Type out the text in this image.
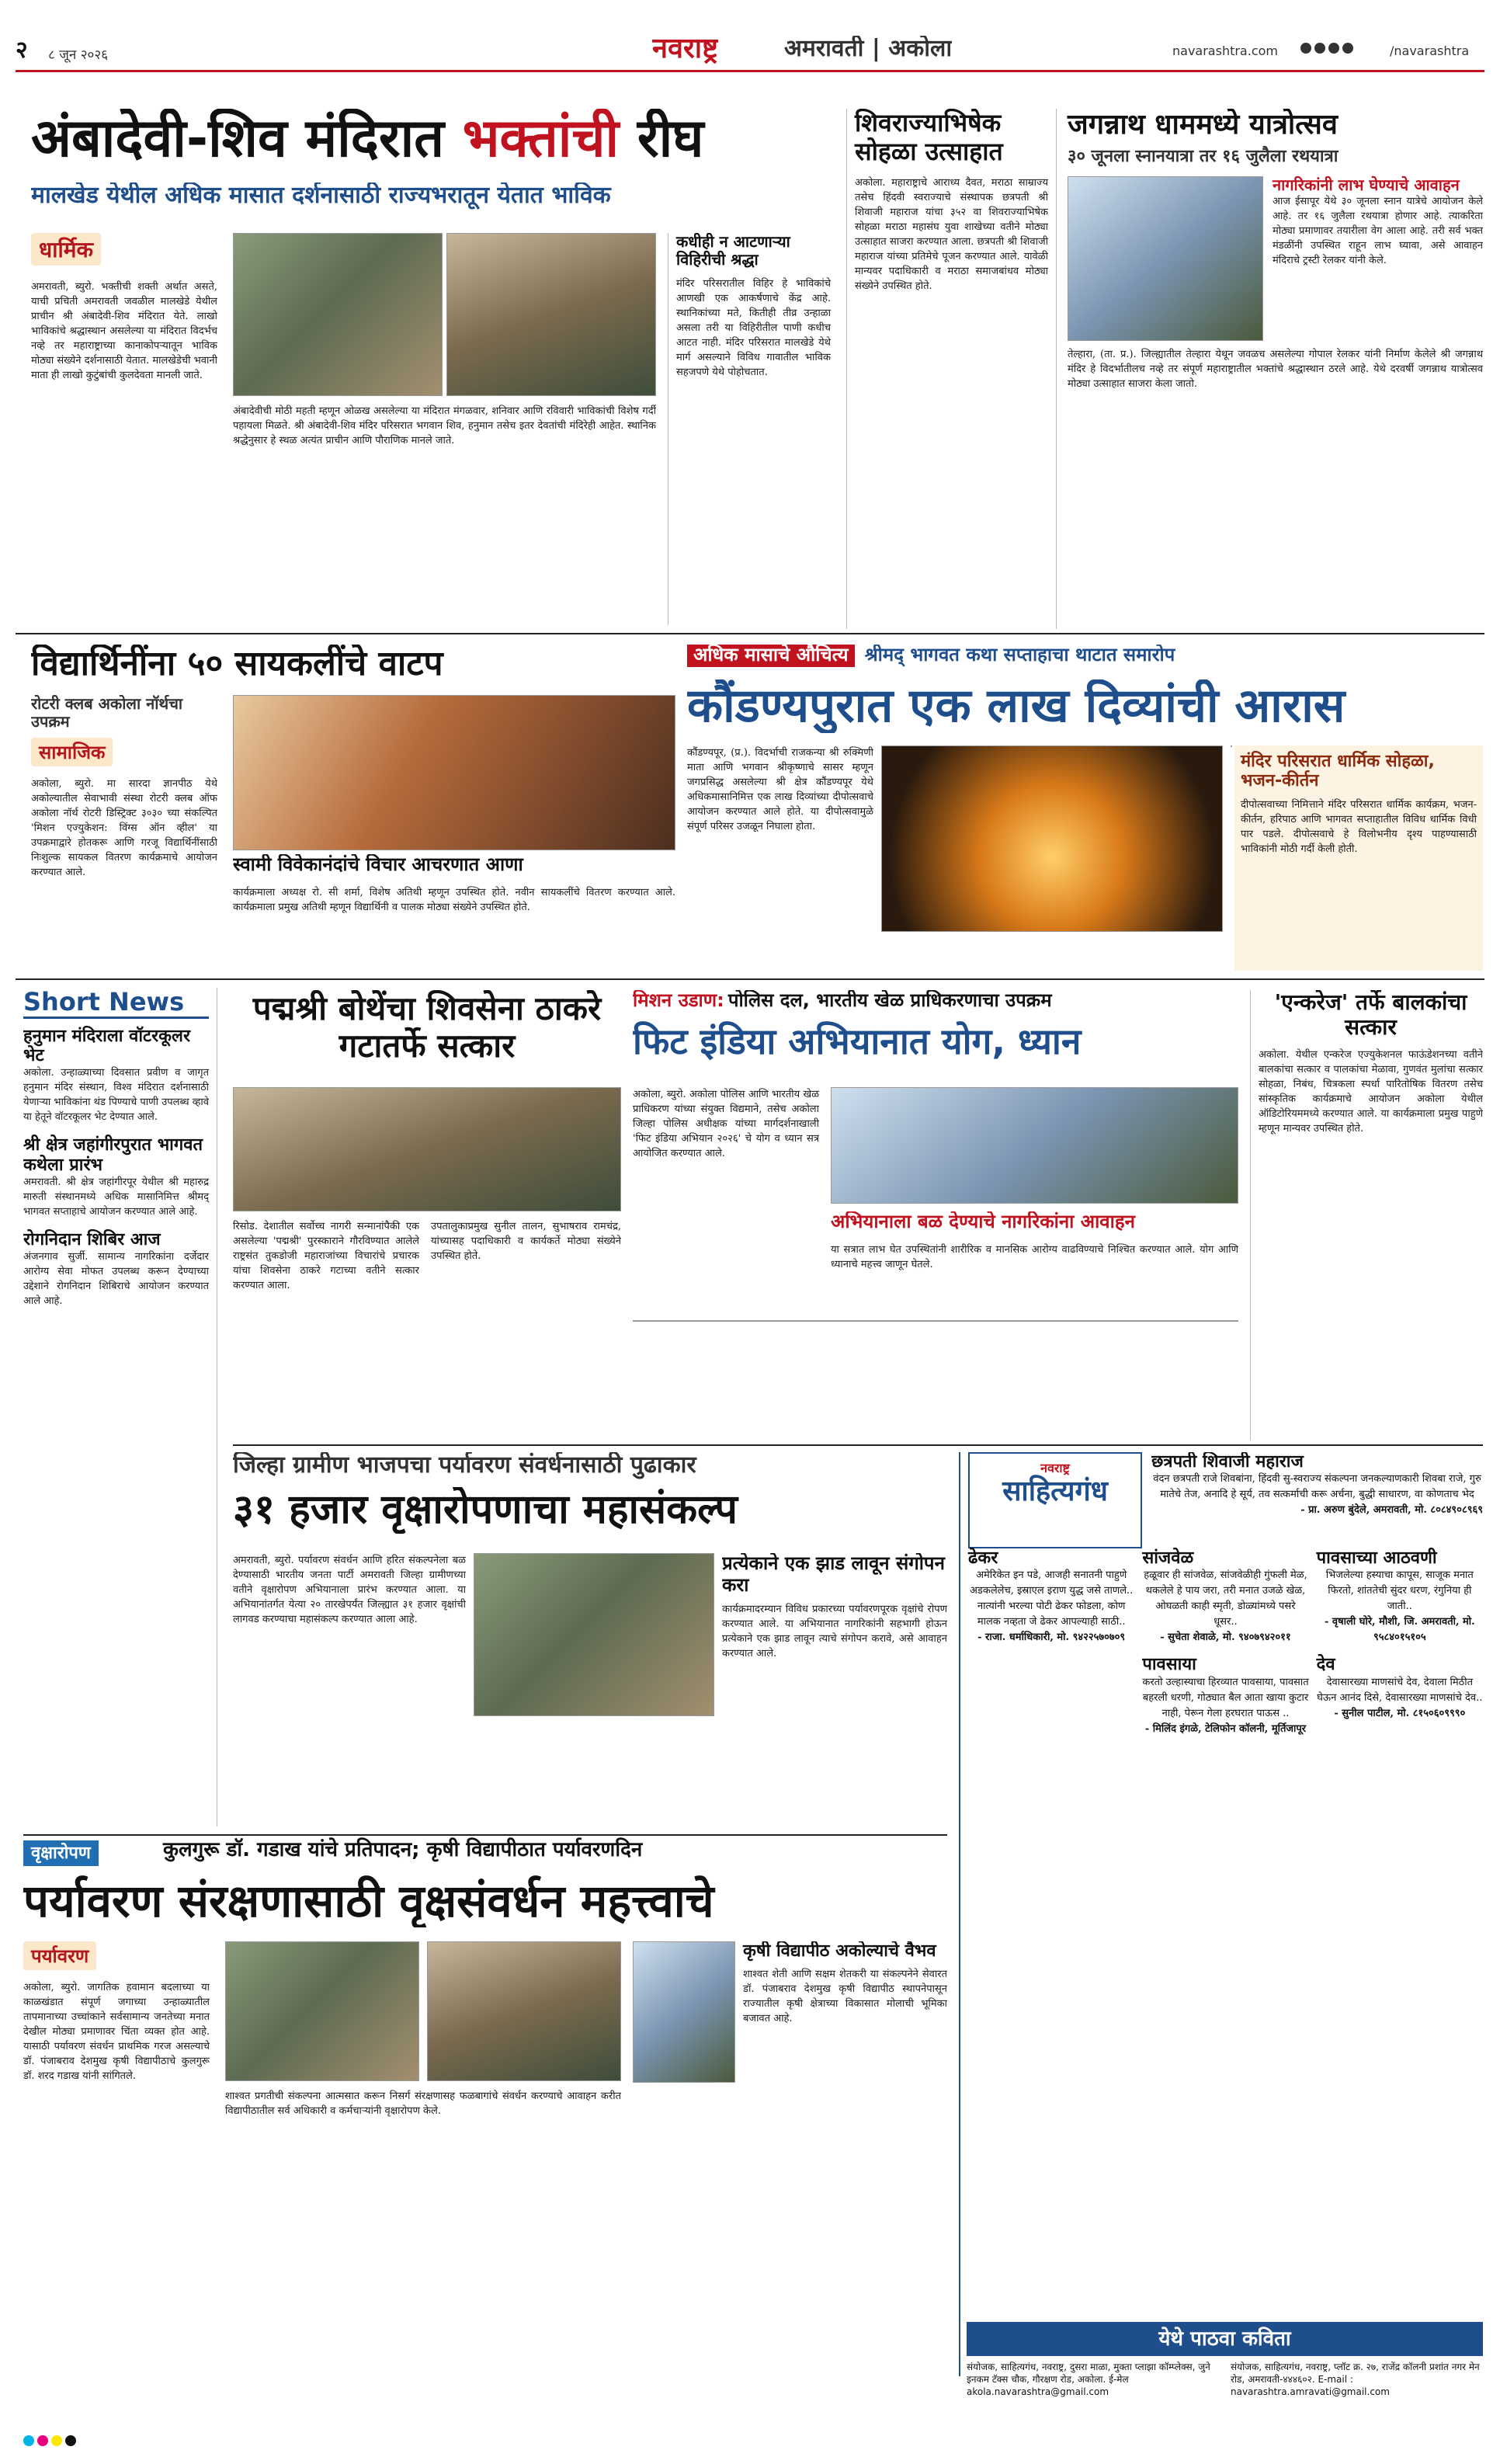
२ ८ जून २०२६	नवराष्ट्र	अमरावती | अकोला	navarashtra.com	/navarashtra
अंबादेवी-शिव मंदिरात भक्तांची रीघ
मालखेड येथील अधिक मासात दर्शनासाठी राज्यभरातून येतात भाविक
धार्मिक
अमरावती, ब्युरो. भक्तीची शक्ती अर्थात असते, याची प्रचिती अमरावती जवळील मालखेडे येथील प्राचीन श्री अंबादेवी-शिव मंदिरात येते. लाखो भाविकांचे श्रद्धास्थान असलेल्या या मंदिरात विदर्भच नव्हे तर महाराष्ट्राच्या कानाकोपऱ्यातून भाविक मोठ्या संख्येने दर्शनासाठी येतात. मालखेडेची भवानी माता ही लाखो कुटुंबांची कुलदेवता मानली जाते.
अंबादेवीची मोठी महती म्हणून ओळख असलेल्या या मंदिरात मंगळवार, शनिवार आणि रविवारी भाविकांची विशेष गर्दी पहायला मिळते. श्री अंबादेवी-शिव मंदिर परिसरात भगवान शिव, हनुमान तसेच इतर देवतांची मंदिरेही आहेत. स्थानिक श्रद्धेनुसार हे स्थळ अत्यंत प्राचीन आणि पौराणिक मानले जाते.
कधीही न आटणाऱ्या विहिरीची श्रद्धा
मंदिर परिसरातील विहिर हे भाविकांचे आणखी एक आकर्षणाचे केंद्र आहे. स्थानिकांच्या मते, कितीही तीव्र उन्हाळा असला तरी या विहिरीतील पाणी कधीच आटत नाही. मंदिर परिसरात मालखेडे येथे मार्ग असल्याने विविध गावातील भाविक सहजपणे येथे पोहोचतात.
शिवराज्याभिषेक सोहळा उत्साहात
अकोला. महाराष्ट्राचे आराध्य दैवत, मराठा साम्राज्य तसेच हिंदवी स्वराज्याचे संस्थापक छत्रपती श्री शिवाजी महाराज यांचा ३५२ वा शिवराज्याभिषेक सोहळा मराठा महासंघ युवा शाखेच्या वतीने मोठ्या उत्साहात साजरा करण्यात आला. छत्रपती श्री शिवाजी महाराज यांच्या प्रतिमेचे पूजन करण्यात आले. यावेळी मान्यवर पदाधिकारी व मराठा समाजबांधव मोठ्या संख्येने उपस्थित होते.
जगन्नाथ धाममध्ये यात्रोत्सव
३० जूनला स्नानयात्रा तर १६ जुलैला रथयात्रा
नागरिकांनी लाभ घेण्याचे आवाहन
आज ईसापूर येथे ३० जूनला स्नान यात्रेचे आयोजन केले आहे. तर १६ जुलैला रथयात्रा होणार आहे. त्याकरिता मोठ्या प्रमाणावर तयारीला वेग आला आहे. तरी सर्व भक्त मंडळींनी उपस्थित राहून लाभ घ्यावा, असे आवाहन मंदिराचे ट्रस्टी रेलकर यांनी केले.
तेल्हारा, (ता. प्र.). जिल्ह्यातील तेल्हारा येथून जवळच असलेल्या गोपाल रेलकर यांनी निर्माण केलेले श्री जगन्नाथ मंदिर हे विदर्भातीलच नव्हे तर संपूर्ण महाराष्ट्रातील भक्तांचे श्रद्धास्थान ठरले आहे. येथे दरवर्षी जगन्नाथ यात्रोत्सव मोठ्या उत्साहात साजरा केला जातो.
विद्यार्थिनींना ५० सायकलींचे वाटप
रोटरी क्लब अकोला नॉर्थचा उपक्रम
सामाजिक
अकोला, ब्युरो. मा सारदा ज्ञानपीठ येथे अकोल्यातील सेवाभावी संस्था रोटरी क्लब ऑफ अकोला नॉर्थ रोटरी डिस्ट्रिक्ट ३०३० च्या संकल्पित 'मिशन एज्युकेशन: विंग्स ऑन व्हील' या उपक्रमाद्वारे होतकरू आणि गरजू विद्यार्थिनींसाठी निःशुल्क सायकल वितरण कार्यक्रमाचे आयोजन करण्यात आले.	स्वामी विवेकानंदांचे विचार आचरणात आणा
कार्यक्रमाला अध्यक्ष रो. सी शर्मा, विशेष अतिथी म्हणून उपस्थित होते. नवीन सायकलींचे वितरण करण्यात आले. कार्यक्रमाला प्रमुख अतिथी म्हणून विद्यार्थिनी व पालक मोठ्या संख्येने उपस्थित होते.
अधिक मासाचे औचित्य श्रीमद् भागवत कथा सप्ताहाचा थाटात समारोप
कौंडण्यपुरात एक लाख दिव्यांची आरास
कौंडण्यपूर, (प्र.). विदर्भाची राजकन्या श्री रुक्मिणी माता आणि भगवान श्रीकृष्णाचे सासर म्हणून जगप्रसिद्ध असलेल्या श्री क्षेत्र कौंडण्यपूर येथे अधिकमासानिमित्त एक लाख दिव्यांच्या दीपोत्सवाचे आयोजन करण्यात आले होते. या दीपोत्सवामुळे संपूर्ण परिसर उजळून निघाला होता.
मंदिर परिसरात धार्मिक सोहळा, भजन-कीर्तन
दीपोत्सवाच्या निमित्ताने मंदिर परिसरात धार्मिक कार्यक्रम, भजन-कीर्तन, हरिपाठ आणि भागवत सप्ताहातील विविध धार्मिक विधी पार पडले. दीपोत्सवाचे हे विलोभनीय दृश्य पाहण्यासाठी भाविकांनी मोठी गर्दी केली होती.
Short News
हनुमान मंदिराला वॉटरकूलर भेट
अकोला. उन्हाळ्याच्या दिवसात प्रवीण व जागृत हनुमान मंदिर संस्थान, विश्व मंदिरात दर्शनासाठी येणाऱ्या भाविकांना थंड पिण्याचे पाणी उपलब्ध व्हावे या हेतूने वॉटरकूलर भेट देण्यात आले.
श्री क्षेत्र जहांगीरपुरात भागवत कथेला प्रारंभ
अमरावती. श्री क्षेत्र जहांगीरपूर येथील श्री महारुद्र मारुती संस्थानमध्ये अधिक मासानिमित्त श्रीमद् भागवत सप्ताहाचे आयोजन करण्यात आले आहे.
रोगनिदान शिबिर आज
अंजनगाव सुर्जी. सामान्य नागरिकांना दर्जेदार आरोग्य सेवा मोफत उपलब्ध करून देण्याच्या उद्देशाने रोगनिदान शिबिराचे आयोजन करण्यात आले आहे.
पद्मश्री बोथेंचा शिवसेना ठाकरे गटातर्फे सत्कार
रिसोड. देशातील सर्वोच्च नागरी सन्मानांपैकी एक असलेल्या 'पद्मश्री' पुरस्काराने गौरविण्यात आलेले राष्ट्रसंत तुकडोजी महाराजांच्या विचारांचे प्रचारक यांचा शिवसेना ठाकरे गटाच्या वतीने सत्कार करण्यात आला.
उपतालुकाप्रमुख सुनील तालन, सुभाषराव रामचंद्र, यांच्यासह पदाधिकारी व कार्यकर्ते मोठ्या संख्येने उपस्थित होते.
मिशन उडाण: पोलिस दल, भारतीय खेळ प्राधिकरणाचा उपक्रम
फिट इंडिया अभियानात योग, ध्यान
अकोला, ब्युरो. अकोला पोलिस आणि भारतीय खेळ प्राधिकरण यांच्या संयुक्त विद्यमाने, तसेच अकोला जिल्हा पोलिस अधीक्षक यांच्या मार्गदर्शनाखाली 'फिट इंडिया अभियान २०२६' चे योग व ध्यान सत्र आयोजित करण्यात आले.
अभियानाला बळ देण्याचे नागरिकांना आवाहन
या सत्रात लाभ घेत उपस्थितांनी शारीरिक व मानसिक आरोग्य वाढविण्याचे निश्चित करण्यात आले. योग आणि ध्यानाचे महत्त्व जाणून घेतले.
'एन्करेज' तर्फे बालकांचा सत्कार
अकोला. येथील एन्करेज एज्युकेशनल फाऊंडेशनच्या वतीने बालकांचा सत्कार व पालकांचा मेळावा, गुणवंत मुलांचा सत्कार सोहळा, निबंध, चित्रकला स्पर्धा पारितोषिक वितरण तसेच सांस्कृतिक कार्यक्रमाचे आयोजन अकोला येथील ऑडिटोरियममध्ये करण्यात आले. या कार्यक्रमाला प्रमुख पाहुणे म्हणून मान्यवर उपस्थित होते.
जिल्हा ग्रामीण भाजपचा पर्यावरण संवर्धनासाठी पुढाकार
३१ हजार वृक्षारोपणाचा महासंकल्प
अमरावती, ब्युरो. पर्यावरण संवर्धन आणि हरित संकल्पनेला बळ देण्यासाठी भारतीय जनता पार्टी अमरावती जिल्हा ग्रामीणच्या वतीने वृक्षारोपण अभियानाला प्रारंभ करण्यात आला. या अभियानांतर्गत येत्या २० तारखेपर्यंत जिल्ह्यात ३१ हजार वृक्षांची लागवड करण्याचा महासंकल्प करण्यात आला आहे.
प्रत्येकाने एक झाड लावून संगोपन करा
कार्यक्रमादरम्यान विविध प्रकारच्या पर्यावरणपूरक वृक्षांचे रोपण करण्यात आले. या अभियानात नागरिकांनी सहभागी होऊन प्रत्येकाने एक झाड लावून त्याचे संगोपन करावे, असे आवाहन करण्यात आले.
नवराष्ट्र
साहित्यगंध
छत्रपती शिवाजी महाराज
वंदन छत्रपती राजे शिवबांना, हिंदवी सु-स्वराज्य संकल्पना जनकल्याणकारी शिवबा राजे, गुरु मातेचे तेज, अनादि हे सूर्य, तव सत्कर्माची करू अर्चना, बुद्धी साधारण, वा कोणताच भेद
- प्रा. अरुण बुंदेले, अमरावती, मो. ८०८४९०८९६९
ढेकर
अमेरिकेत इन पडे, आजही सनातनी पाहुणे अडकलेलेच, इस्राएल इराण युद्ध जसे ताणले.. नात्यांनी भरल्या पोटी ढेकर फोडला, कोण मालक नव्हता जे ढेकर आपल्याही साठी..
- राजा. धर्माधिकारी, मो. ९४२२५७०७०९
सांजवेळ
हळूवार ही सांजवेळ, सांजवेळीही गुंफली मेळ, थकलेले हे पाय जरा, तरी मनात उजळे खेळ, ओघळती काही स्मृती, डोळ्यांमध्ये पसरे धूसर..
- सुचेता शेवाळे, मो. ९४०७९४२०११
पावसाया
करतो उल्हास्याचा हिरव्यात पावसाया, पावसात बहरली धरणी, गोठ्यात बैल आता खाया कुटार नाही, पेरून गेला हरघरात पाऊस ..
- मिलिंद इंगळे, टेलिफोन कॉलनी, मूर्तिजापूर
पावसाच्या आठवणी
भिजलेल्या हस्याचा कापूस, साजूक मनात फिरतो, शांततेची सुंदर धरण, रंगुनिया ही जाती..
- वृषाली घोरे, मौशी, जि. अमरावती, मो. ९५८४०१५१०५
देव
देवासारख्या माणसांचे देव, देवाला मिठीत घेऊन आनंद दिसे, देवासारख्या माणसांचे देव..
- सुनील पाटील, मो. ८१५०६०९९९०
येथे पाठवा कविता
संयोजक, साहित्यगंध, नवराष्ट्र, दुसरा माळा, मुक्ता प्लाझा कॉम्प्लेक्स, जुने इनकम टॅक्स चौक, गौरक्षण रोड, अकोला. ई-मेल akola.navarashtra@gmail.com
संयोजक, साहित्यगंध, नवराष्ट्र, प्लॉट क्र. २७, राजेंद्र कॉलनी प्रशांत नगर मेन रोड, अमरावती-४४४६०२. E-mail : navarashtra.amravati@gmail.com
वृक्षारोपण	कुलगुरू डॉ. गडाख यांचे प्रतिपादन; कृषी विद्यापीठात पर्यावरणदिन
पर्यावरण संरक्षणासाठी वृक्षसंवर्धन महत्त्वाचे
पर्यावरण
अकोला, ब्युरो. जागतिक हवामान बदलाच्या या काळखंडात संपूर्ण जगाच्या उन्हाळ्यातील तापमानाच्या उच्चांकाने सर्वसामान्य जनतेच्या मनात देखील मोठ्या प्रमाणावर चिंता व्यक्त होत आहे. यासाठी पर्यावरण संवर्धन प्राथमिक गरज असल्याचे डॉ. पंजाबराव देशमुख कृषी विद्यापीठाचे कुलगुरू डॉ. शरद गडाख यांनी सांगितले.
शाश्वत प्रगतीची संकल्पना आत्मसात करून निसर्ग संरक्षणासह फळबागांचे संवर्धन करण्याचे आवाहन करीत विद्यापीठातील सर्व अधिकारी व कर्मचाऱ्यांनी वृक्षारोपण केले.
कृषी विद्यापीठ अकोल्याचे वैभव
शाश्वत शेती आणि सक्षम शेतकरी या संकल्पनेने सेवारत डॉ. पंजाबराव देशमुख कृषी विद्यापीठ स्थापनेपासून राज्यातील कृषी क्षेत्राच्या विकासात मोलाची भूमिका बजावत आहे.
